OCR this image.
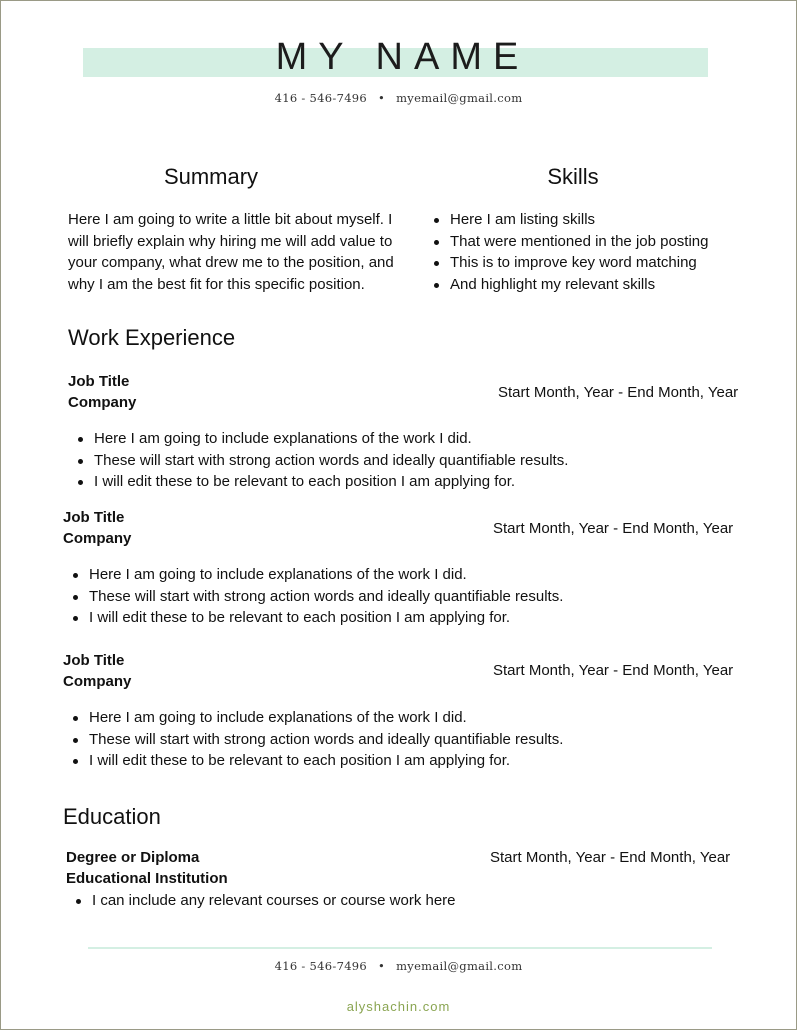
MY NAME
416 - 546-7496 • myemail@gmail.com
Summary
Here I am going to write a little bit about myself. I will briefly explain why hiring me will add value to your company, what drew me to the position, and why I am the best fit for this specific position.
Skills
Here I am listing skills
That were mentioned in the job posting
This is to improve key word matching
And highlight my relevant skills
Work Experience
Job Title
Company
Start Month, Year - End Month, Year
Here I am going to include explanations of the work I did.
These will start with strong action words and ideally quantifiable results.
I will edit these to be relevant to each position I am applying for.
Job Title
Company
Start Month, Year - End Month, Year
Here I am going to include explanations of the work I did.
These will start with strong action words and ideally quantifiable results.
I will edit these to be relevant to each position I am applying for.
Job Title
Company
Start Month, Year - End Month, Year
Here I am going to include explanations of the work I did.
These will start with strong action words and ideally quantifiable results.
I will edit these to be relevant to each position I am applying for.
Education
Degree or Diploma
Educational Institution
Start Month, Year - End Month, Year
I can include any relevant courses or course work here
416 - 546-7496 • myemail@gmail.com
alyshachin.com
